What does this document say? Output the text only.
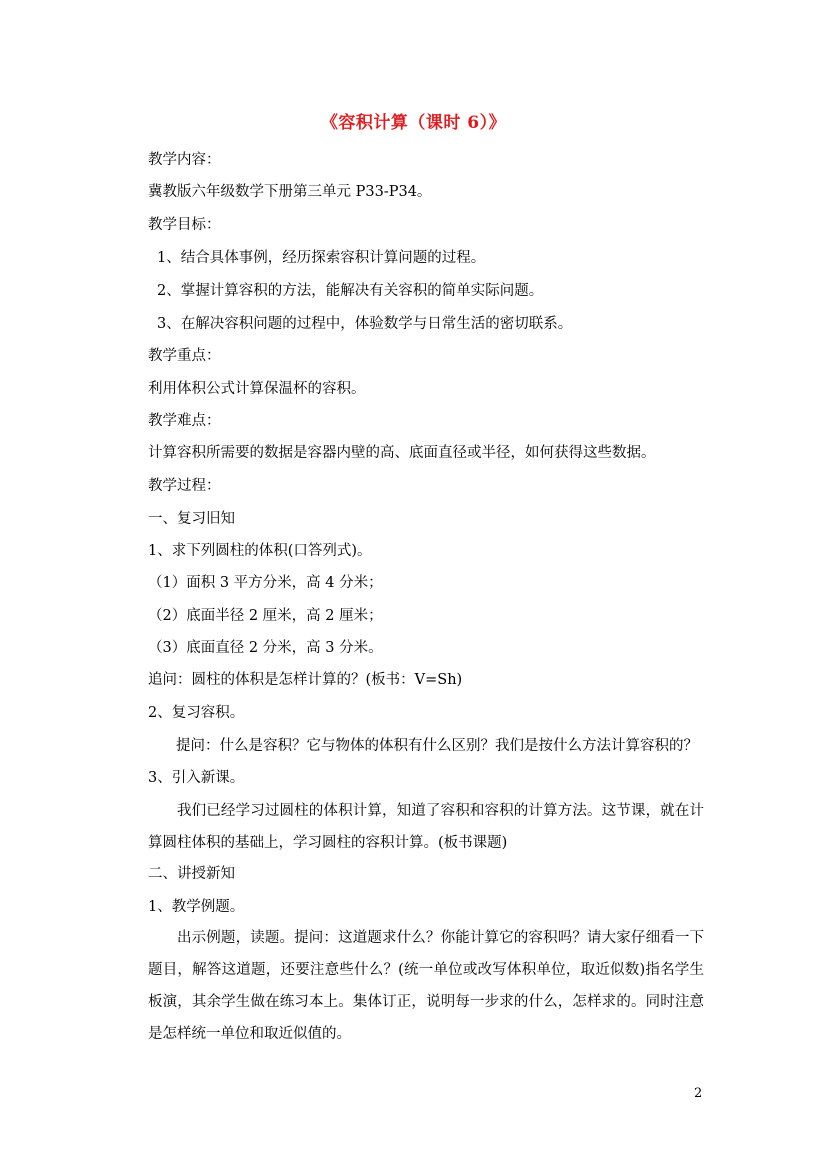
《容积计算（课时 6）》
教学内容：
冀教版六年级数学下册第三单元 P33-P34。
教学目标：
1、结合具体事例，经历探索容积计算问题的过程。
2、掌握计算容积的方法，能解决有关容积的简单实际问题。
3、在解决容积问题的过程中，体验数学与日常生活的密切联系。
教学重点：
利用体积公式计算保温杯的容积。
教学难点：
计算容积所需要的数据是容器内壁的高、底面直径或半径，如何获得这些数据。
教学过程：
一、复习旧知
1、求下列圆柱的体积(口答列式)。
（1）面积 3 平方分米，高 4 分米；
（2）底面半径 2 厘米，高 2 厘米；
（3）底面直径 2 分米，高 3 分米。
追问：圆柱的体积是怎样计算的？(板书：V=Sh)
2、复习容积。
提问：什么是容积？它与物体的体积有什么区别？我们是按什么方法计算容积的？
3、引入新课。
我们已经学习过圆柱的体积计算，知道了容积和容积的计算方法。这节课，就在计算圆柱体积的基础上，学习圆柱的容积计算。(板书课题)
二、讲授新知
1、教学例题。
出示例题，读题。提问：这道题求什么？你能计算它的容积吗？请大家仔细看一下题目，解答这道题，还要注意些什么？(统一单位或改写体积单位，取近似数)指名学生板演，其余学生做在练习本上。集体订正，说明每一步求的什么，怎样求的。同时注意是怎样统一单位和取近似值的。
2
